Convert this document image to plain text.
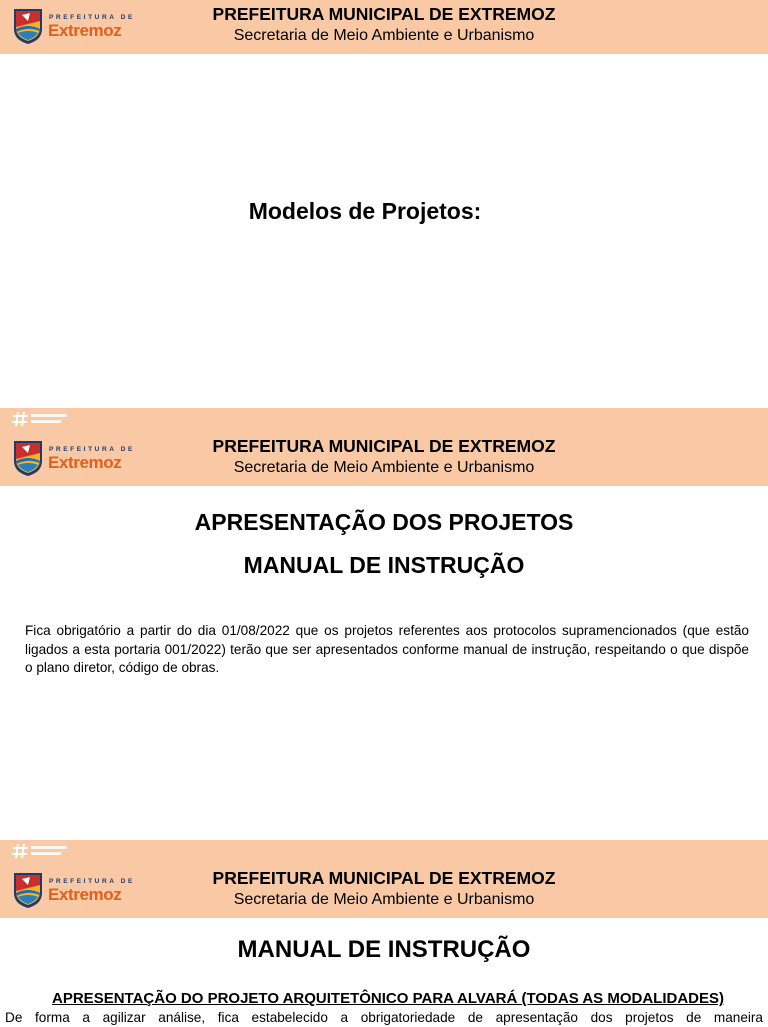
PREFEITURA DE
Extremoz
PREFEITURA MUNICIPAL DE EXTREMOZ
Secretaria de Meio Ambiente e Urbanismo
Modelos de Projetos:
PREFEITURA DE
Extremoz
PREFEITURA MUNICIPAL DE EXTREMOZ
Secretaria de Meio Ambiente e Urbanismo
APRESENTAÇÃO DOS PROJETOS
MANUAL DE INSTRUÇÃO
Fica obrigatório a partir do dia 01/08/2022 que os projetos referentes aos protocolos supramencionados (que estão ligados a esta portaria 001/2022) terão que ser apresentados conforme manual de instrução, respeitando o que dispõe o plano diretor, código de obras.
PREFEITURA DE
Extremoz
PREFEITURA MUNICIPAL DE EXTREMOZ
Secretaria de Meio Ambiente e Urbanismo
MANUAL DE INSTRUÇÃO
APRESENTAÇÃO DO PROJETO ARQUITETÔNICO PARA ALVARÁ (TODAS AS MODALIDADES)
De forma a agilizar análise, fica estabelecido a obrigatoriedade de apresentação dos projetos de maneira
